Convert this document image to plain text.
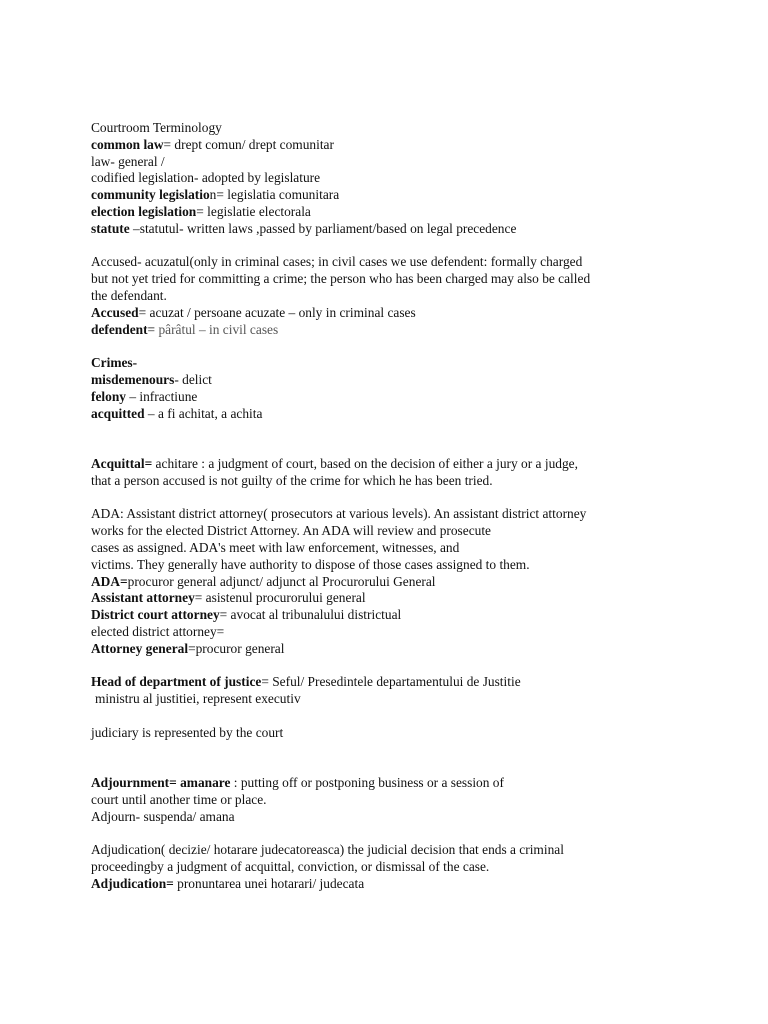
Courtroom Terminology
common law= drept comun/ drept comunitar
law- general /
codified legislation- adopted by legislature
community legislation= legislatia comunitara
election legislation= legislatie electorala
statute –statutul- written laws ,passed by parliament/based on legal precedence
Accused- acuzatul(only in criminal cases; in civil cases we use defendent: formally charged
but not yet tried for committing a crime; the person who has been charged may also be called
the defendant.
Accused= acuzat / persoane acuzate – only in criminal cases
defendent= pârâtul – in civil cases
Crimes-
misdemenours- delict
felony – infractiune
acquitted – a fi achitat, a achita
Acquittal= achitare : a judgment of court, based on the decision of either a jury or a judge,
that a person accused is not guilty of the crime for which he has been tried.
ADA: Assistant district attorney( prosecutors at various levels). An assistant district attorney
works for the elected District Attorney. An ADA will review and prosecute
cases as assigned. ADA's meet with law enforcement, witnesses, and
victims. They generally have authority to dispose of those cases assigned to them.
ADA=procuror general adjunct/ adjunct al Procurorului General
Assistant attorney= asistenul procurorului general
District court attorney= avocat al tribunalului districtual
elected district attorney=
Attorney general=procuror general
Head of department of justice= Seful/ Presedintele departamentului de Justitie
ministru al justitiei, represent executiv
judiciary is represented by the court
Adjournment= amanare : putting off or postponing business or a session of
court until another time or place.
Adjourn- suspenda/ amana
Adjudication( decizie/ hotarare judecatoreasca) the judicial decision that ends a criminal
proceedingby a judgment of acquittal, conviction, or dismissal of the case.
Adjudication= pronuntarea unei hotarari/ judecata
